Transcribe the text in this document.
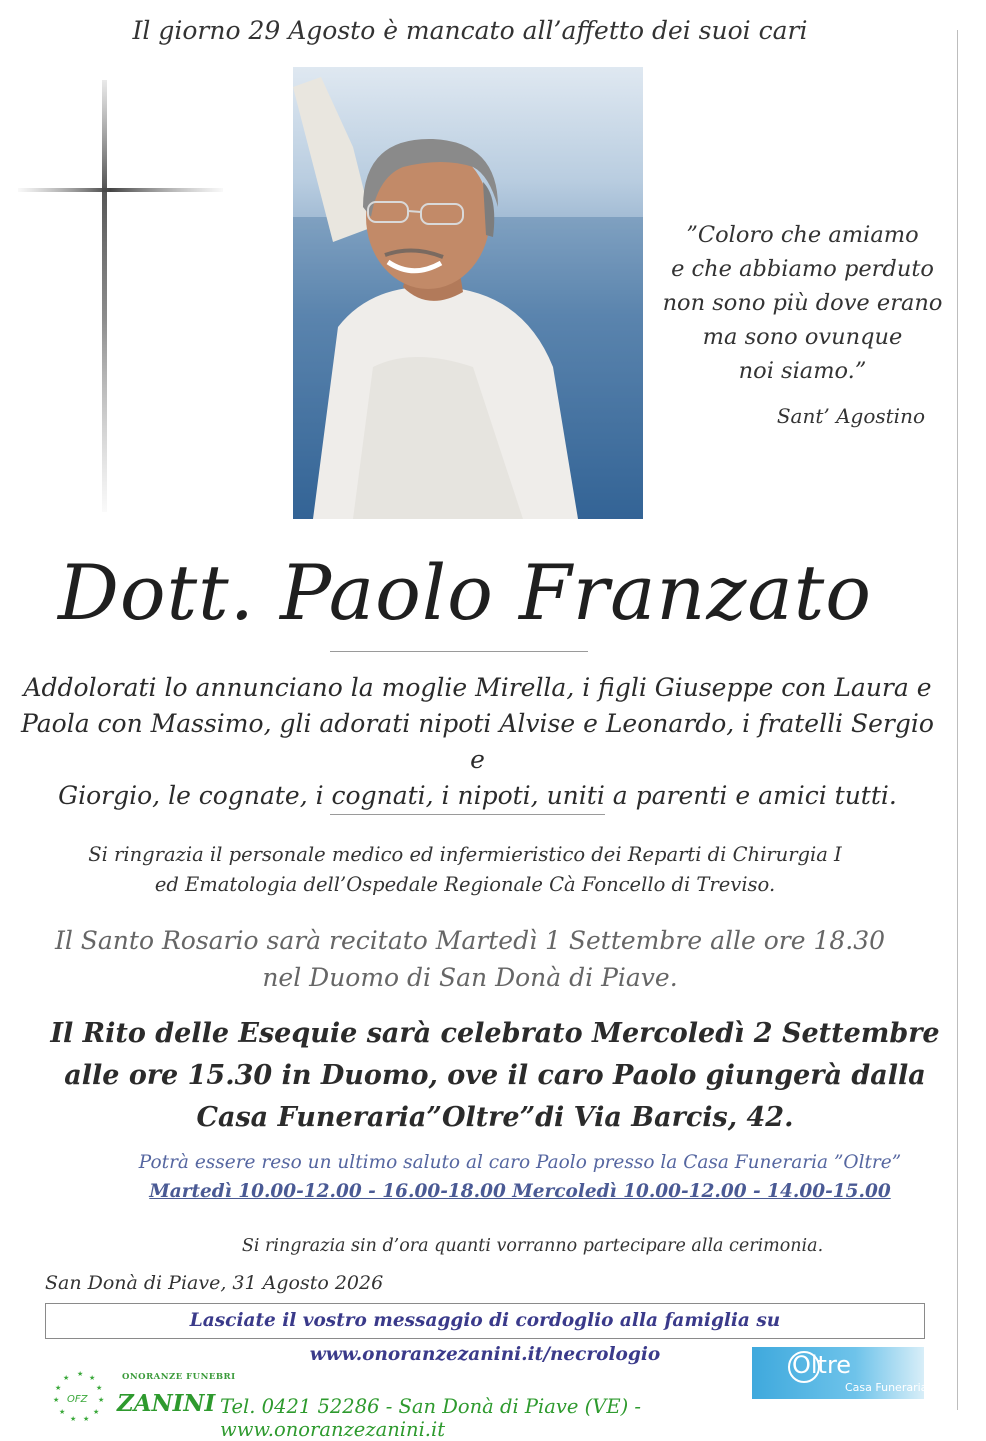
Il giorno 29 Agosto è mancato all’affetto dei suoi cari
”Coloro che amiamo
e che abbiamo perduto
non sono più dove erano
ma sono ovunque
noi siamo.”
Sant’ Agostino
Dott. Paolo Franzato
Addolorati lo annunciano la moglie Mirella, i figli Giuseppe con Laura e
Paola con Massimo, gli adorati nipoti Alvise e Leonardo, i fratelli Sergio e
Giorgio, le cognate, i cognati, i nipoti, uniti a parenti e amici tutti.
Si ringrazia il personale medico ed infermieristico dei Reparti di Chirurgia I
ed Ematologia dell’Ospedale Regionale Cà Foncello di Treviso.
Il Santo Rosario sarà recitato Martedì 1 Settembre alle ore 18.30
nel Duomo di San Donà di Piave.
Il Rito delle Esequie sarà celebrato Mercoledì 2 Settembre
alle ore 15.30 in Duomo, ove il caro Paolo giungerà dalla
Casa Funeraria”Oltre”di Via Barcis, 42.
Potrà essere reso un ultimo saluto al caro Paolo presso la Casa Funeraria ”Oltre”
Martedì 10.00-12.00 - 16.00-18.00 Mercoledì 10.00-12.00 - 14.00-15.00
Si ringrazia sin d’ora quanti vorranno partecipare alla cerimonia.
San Donà di Piave, 31 Agosto 2026
Lasciate il vostro messaggio di cordoglio alla famiglia su www.onoranzezanini.it/necrologio
★ ★
★
★
★
★
★
★
★
★
★
OFZ
ONORANZE FUNEBRI
ZANINI Tel. 0421 52286 - San Donà di Piave (VE) - www.onoranzezanini.it
Oltre
Casa Funeraria
